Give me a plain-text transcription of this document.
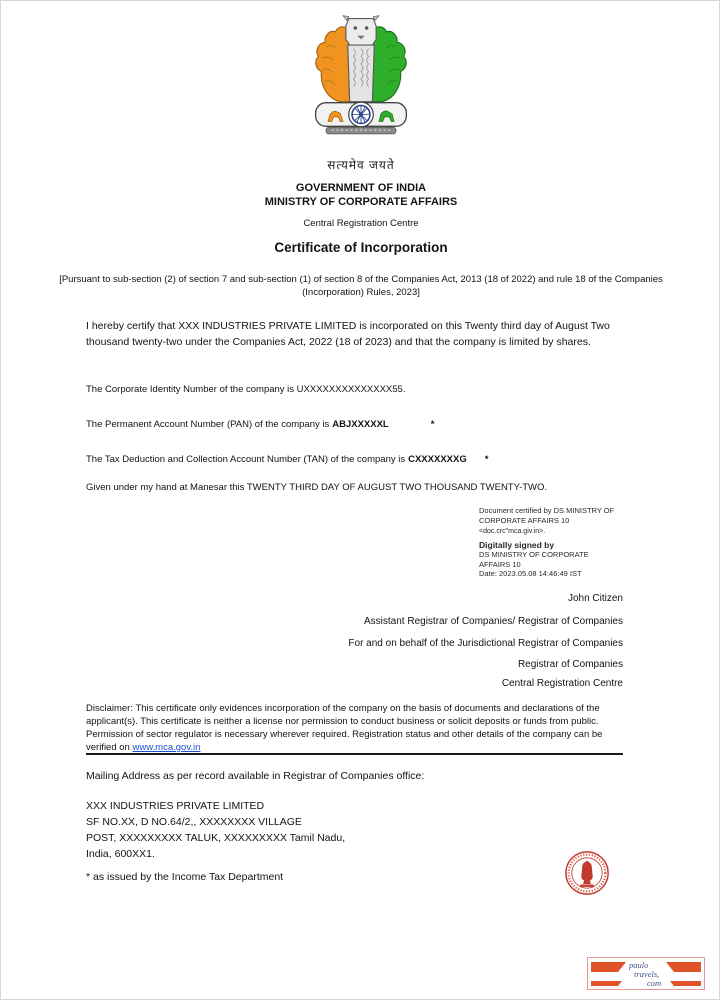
सत्यमेव जयते
GOVERNMENT OF INDIA
MINISTRY OF CORPORATE AFFAIRS
Central Registration Centre
Certificate of Incorporation
[Pursuant to sub-section (2) of section 7 and sub-section (1) of section 8 of the Companies Act, 2013 (18 of 2022) and rule 18 of the Companies (Incorporation) Rules, 2023]
I hereby certify that XXX INDUSTRIES PRIVATE LIMITED is incorporated on this Twenty third day of August Two thousand twenty-two under the Companies Act, 2022 (18 of 2023) and that the company is limited by shares.
The Corporate Identity Number of the company is UXXXXXXXXXXXXXX55.
The Permanent Account Number (PAN) of the company is ABJXXXXXL	*
The Tax Deduction and Collection Account Number (TAN) of the company is CXXXXXXXG *
Given under my hand at Manesar this TWENTY THIRD DAY OF AUGUST TWO THOUSAND TWENTY-TWO.
Document certified by DS MINISTRY OF
CORPORATE AFFAIRS 10
<doc.crc"mca.giv.in>.
Digitally signed by
DS MINISTRY OF CORPORATE
AFFAIRS 10
Date: 2023.05.08 14:46:49 IST
John Citizen
Assistant Registrar of Companies/ Registrar of Companies
For and on behalf of the Jurisdictional Registrar of Companies
Registrar of Companies
Central Registration Centre
Disclaimer: This certificate only evidences incorporation of the company on the basis of documents and declarations of the applicant(s). This certificate is neither a license nor permission to conduct business or solicit deposits or funds from public. Permission of sector regulator is necessary wherever required. Registration status and other details of the company can be verified on www.mca.gov.in
Mailing Address as per record available in Registrar of Companies office:
XXX INDUSTRIES PRIVATE LIMITED
SF NO.XX, D NO.64/2,, XXXXXXXX VILLAGE
POST, XXXXXXXXX TALUK, XXXXXXXXX Tamil Nadu,
India, 600XX1.
* as issued by the Income Tax Department
paulo
travels,
com
